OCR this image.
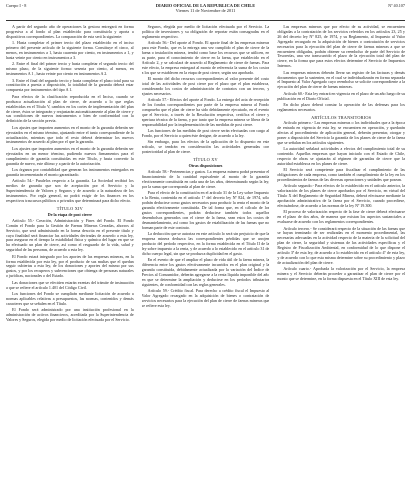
Cuerpo I - 8	DIARIO OFICIAL DE LA REPUBLICA DE CHILE
Viernes 11 de Noviembre de 2011
Nº 40.107

A partir del segundo año de operaciones la gestora entregará en forma progresiva a al fondo al plan establecido para constituirla y aporta a dispositivos correspondientes. La comparación de esta será la siguiente:

1. Hasta completar el primer tercio del plazo establecido en el inciso primero del presente artículo de la siguiente forma. Constituye el cinco, al menos, en instrumentos a 1, hasta cuarenta por ciento, en instrumentos a 1, y hasta veinte por ciento en instrumentos a 3.

2. Entre el final del primer tercio y hasta completar el segundo tercio del mismo plazo, de la siguiente forma: sesenta por ciento, al menos, en instrumentos A 1 , hasta veinte por ciento en instrumentos A 2.

3. Entre el final del segundo tercio y hasta completar el plazo total para su constitución a puesta a disposición, la totalidad de la garantía deberá estar compuesta por instrumentos del tipo A 1.

Para efectos de la clasificación reproducida en el Inciso, cuando se produzca actualización al plan de cierre, de acuerdo a lo que reglas establecidas en el Título V, cambios en los cortes de implementación del plan de cierre, éstos se integrarán y reajustarán automáticamente al plan de cierre y sus condiciones de nuevos instrumentos o bien de conformidad con la definición de la sección previa.

Los ajustes que importen aumentos en el monto de la garantía deberán ser ejecutados en el mismo término, ajustando entre el tanto correspondiente de la actualización, mientras que todo el resto deberá determinar los nuevos instrumentos de acuerdo al plan por el que la garantía.

Los ajustes que importen aumentos en el monto de la garantía deberán ser ejecutados en un menor término, pudiendo nuevos firmamentos para el cumplimiento de garantía constituidas en este Título, y hasta convertir la garantía de nuevo, este último y a partir de la autorización.

Los órganos por contabilidad que generan los instrumentos entregados en garantía incrementarán el monto garantizado.

Artículo 54.- Paralelos respecto a la garantía. La Sociedad recibirá los medios de garantía que son de aceptación por el Servicio y la Superintendencia de Valores y Seguros y de acuerdo a la naturaleza de los instrumentos. Por regla general, no podrá exigir de los finances en los respectivos trascursos públicos o privados que determinará para dicho efecto.

TÍTULO XIV
De la etapa de post cierre

Artículo 55.- Creación, Administración y Fines del Fondo. El Fondo Común el Fondo para la Gestión de Faenas Mineras Cerradas, ahorros al Servicio, que será administrado en la forma descrita en el presente título y cuya finalidad será financiar las actividades derivadas de acuerdo a esta ley, para asegurar en el tiempo la estabilidad física y química del lugar en que se ha efectuado un plan de cierre, así como el resguardo de la vida, salud y seguridad de las personas, de acuerdo a esta ley.

El Fondo estará integrado por los aportes de las empresas mineras, en la forma establecida por esta ley, por el producto de sus multas que el quedan seguir cubiertas a esta ley, de los donaciones y aportes del mismo por sus gastos, y por los recuperos y subvenciones que obtenga de personas naturales o jurídicas, nacionales o del Estado.

Las donaciones que se efectúen estarán exentas del trámite de insinuación a que se refiere el artículo 1.401 del Código Civil.

Los funciones del Fondo se cumplirán mediante licitación de acuerdo a normas aplicables relativas a presupuestos, las normas, contenidos y demás caracteres que se señalen en el Título.

El Fondo será administrado por una institución profesional en la administración de activos financieros, acreditada por la Superintendencia de Valores y Seguros, elegida por medio de licitación efectuada por el Servicio.

Seguros, elegida por medio de licitación efectuada por el Servicio. La política de inversiones y su obligación de reportar están consagradas en el reglamento respectivo.

Artículo 56.- Del aporte al Fondo. El aporte final de las empresas mineras para este Fondo, que es la entrega una vez cumplido el plan de cierre de la faena o instalación minera, tendrá como base los recursos que se utilicen, en su parte, para el conocimiento de cierre en la faena, que establecido en el Artículo 2, y se calculará de acuerdo al Reglamento de cierre de faenas. Para este efecto, la empresa entregará al monto de referencia la suma de los costos a los que se establecen en la etapa de post cierre, según sea aprobado.

El monto del dicho recursos correspondientes al valor presente del costo total de las actividades de post cierre por el plazo que el plan establezca, considerando los costos de administración de contratos con un tercero, y ajustes necesarios.

Artículo 57.- Efectos del aporte al Fondo. La entrega del acta de recepción de los fondos correspondientes por parte de la empresa minera al Fondo comprueba que el plan de cierre ha sido debidamente ejecutado, en el evento que el Servicio, a través de la Resolución respectiva, certifica el cierre y apertura técnica de la faena, y por tanto que la empresa minera se libera de la responsabilidad por la implementación de las medidas de post cierre.

Las funciones de las medidas de post cierre serán efectuadas con cargo al Fondo, por el Servicio a quien éste designe, de acuerdo a la ley.

Sin embargo, para los efectos de la aplicación de lo dispuesto en este artículo, se tendrán en consideración las actividades generadas con posterioridad al plan de cierre.

TÍTULO XV
Otras disposiciones

Artículo 58.- Pertenencias y gastos. La empresa minera podrá presentar el financiamiento de la cantidad equivalente al monto de la garantía efectivamente constituida en cada una de las años, determinando según la ley, por la suma que corresponda al plan de cierre.

Para el efecto de la constitución en el artículo 31 de la Ley sobre Impuesto a la Renta, contenida en el artículo 1º del decreto ley Nº 824, de 1974, sólo podrán deducirse como gastos necesarios para producir la renta el monto de la garantía efectivamente constituida. De tal forma que, en el cálculo de los gastos correspondientes, podrán deducirse también todos aquellos desembolsos generados con el cierre de la faena, sean estos los costos de desmantelamiento, así como los gastos de estabilización de las faenas que no forman parte de este contrato.

La deducción que se autoriza en este artículo lo será sin perjuicio de que la empresa minera deduzca las correspondientes pérdidas que se arrojen producto del período respectivo, en la forma establecida en el Título II de la ley sobre impuesto a la renta, y de acuerdo a lo establecido en el artículo 31 de dicho cuerpo legal, sin que se produzca duplicidad en el gasto.

En el evento de que el ampliar el plazo de vida útil de la faena minera, la diferencia entre los gastos efectivamente incurridos en el plan original y la garantía constituida, debidamente actualizada por la variación del Índice de Precios al Consumidor, deberán agregarse a la renta líquida imponible del año en que se determine la ampliación y deducirse en los períodos tributarios siguientes, de conformidad con las reglas generales.

Artículo 59.- Crédito fiscal. Para derecho a crédito fiscal el Impuesto al Valor Agregado recargado en la adquisición de bienes o contratación de servicios necesarios para la ejecución del plan de cierre de faenas mineras que se refiere esta ley.

Las empresas mineras que por efecto de su actividad, se encuentren obligadas a la contratación de los servicios referidos en los artículos 23, 25 y 26 del decreto ley Nº 825, de 1974, y su Reglamento, al Impuesto al Valor Agregado recargado en la adquisición de bienes o contratación de servicios necesarios para la ejecución del plan de cierre de faenas mineras a que se encuentren obligadas, podrán obtener su reembolso de parte del Servicio de Tesorerías, una vez transcurrido el plazo de la ejecución total del plan de cierre, en la forma que para estos efectos determine el Servicio de Impuestos Internos.

Las empresas mineras deberán llevar un registro de las facturas y demás documentos que la sustenten, en el cual se individualizarán en forma separada el Impuesto al Valor Agregado cuyo reembolso se solicite correspondiente a la ejecución del plan de cierre de faenas mineras.

Artículo 60.- Esta ley entrará en vigencia en el plazo de un año luego de su publicación en el Diario Oficial.

En dicho plazo deberá constar la operación de las defensas para los reglamentos necesarios.

ARTÍCULOS TRANSITORIOS

Artículo primero.- Las empresas mineras o los individuales que a la época de entrada en vigencia de esta ley, se encuentren en operación, y quedarán afectas al procedimiento de aplicación general, deberán presentar, otorgar y poner a disposición del Servicio la garantía de los planes de cierre de la faena que se señalan en los artículos siguientes.

La autoridad señalará actividades a efectos del cumplimiento total de su contenido. Aquellas empresas que hayan iniciado con el Estado de Chile, respecto de obras se ajustarán al régimen de garantías de cierre que la autoridad establezca en los planes de cierre.

El Servicio será competente para fiscalizar el cumplimiento de las obligaciones de cada empresa, como también el cumplimiento de la ley en los procedimientos de faenas de las diversas operaciones y unidades que posean.

Artículo segundo.- Para efectos de lo establecido en el artículo anterior, la valorización de los planes de cierre aprobados por el Servicio, en virtud del Título X del Reglamento de Seguridad Minera, deberá efectuarse mediante la aprobación administrativa de la faena por el Servicio, cuando procediese, efectuándose, de acuerdo a las normas de la ley Nº 19.300.

El proceso de valorización respecto de la fase de cierre deberá efectuarse en el plazo de dos años, de manera que existan los aspectos sustanciales a evaluarse de acuerdo con los reglamentos correspondientes.

Artículo tercero.- Se considerará respecto de la situación de las faenas que se hayan terminado de ser realizadas en el momento procedimental, las necesarias adecuadas en la actividad respecto de la materia de la solicitud del plan de cierre, la seguridad y sistemas de las actividades específicas y el Registro de Fiscalización Ambiental, en conformidad de lo que dispone el artículo 3º de esta ley, de acuerdo a lo establecido en el artículo 4º de esta ley, y de acuerdo con lo que esta misma determine sobre su procedimiento y plazo de actualización del plan de cierre.

Artículo cuarto.- Aprobada la valorización por el Servicio, la empresa minera y el Servicio deberán proceder a garantizar el plan de cierre por el monto que se determine, en la forma dispuesta en el Título XIII de esta ley.
